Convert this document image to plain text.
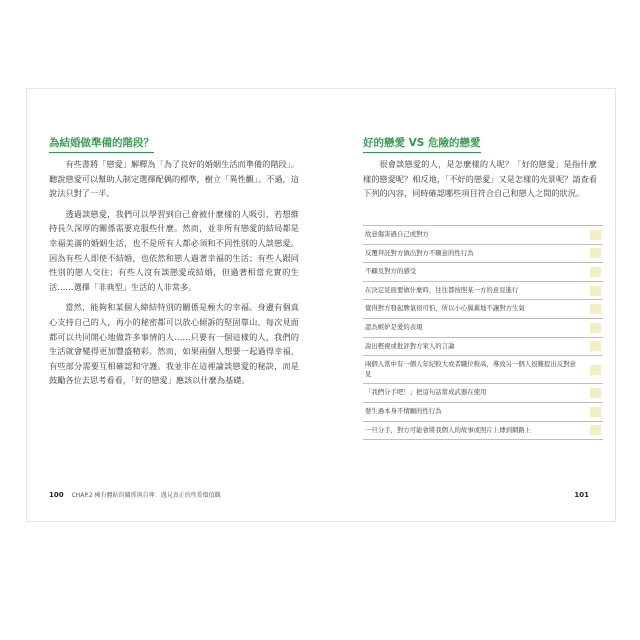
為結婚做準備的階段？

有些書將「戀愛」解釋為「為了良好的婚姻生活而準備的階段」。聽說戀愛可以幫助人制定選擇配偶的標準，樹立「異性觀」。不過，這說法只對了一半。

透過談戀愛，我們可以學習到自己會被什麼樣的人吸引，若想維持長久深厚的關係需要克服些什麼。然而，並非所有戀愛的結局都是幸福美滿的婚姻生活，也不是所有人都必須和不同性別的人談戀愛。因為有些人即使不結婚，也依然和戀人過著幸福的生活；有些人跟同性別的戀人交往；有些人沒有談戀愛或結婚，但過著相當充實的生活……選擇「非典型」生活的人非常多。

當然，能夠和某個人締結特別的關係是極大的幸福。身邊有個真心支持自己的人，再小的秘密都可以放心傾訴的堅固靠山、每次見面都可以共同開心地做許多事情的人……只要有一個這樣的人，我們的生活就會變得更加豐盛精彩。然而，如果兩個人想要一起過得幸福，有些部分需要互相確認和守護。我並非在這裡論談戀愛的秘訣，而是鼓勵各位去思考看看，「好的戀愛」應該以什麼為基礎。

100 CHAP.2 擁有體貼的關係與自尊：遇見真正的性愛價值觀
好的戀愛 VS 危險的戀愛

很會談戀愛的人，是怎麼樣的人呢？「好的戀愛」是指什麼樣的戀愛呢？相反地，「不好的戀愛」又是怎樣的光景呢？請查看下列的內容，同時確認哪些項目符合自己和戀人之間的狀況。

故意傷害過自己或對方
反覆拜託對方做出對方不願意的性行為
不顧及對方的感受
在決定見面要做什麼時，往往都按照某一方的意見進行
覺得對方發起脾氣很可怕，所以小心翼翼地不讓對方生氣
認為嫉妒是愛的表現
說出輕視或批評對方家人的言論
兩個人當中有一個人年紀較大或者職位較高，導致另一個人很難提出反對意見
「我們分手吧！」把這句話當成武器在使用
發生過本身不情願的性行為
一旦分手，對方可能會將我個人的故事或照片上傳到網路上
101
